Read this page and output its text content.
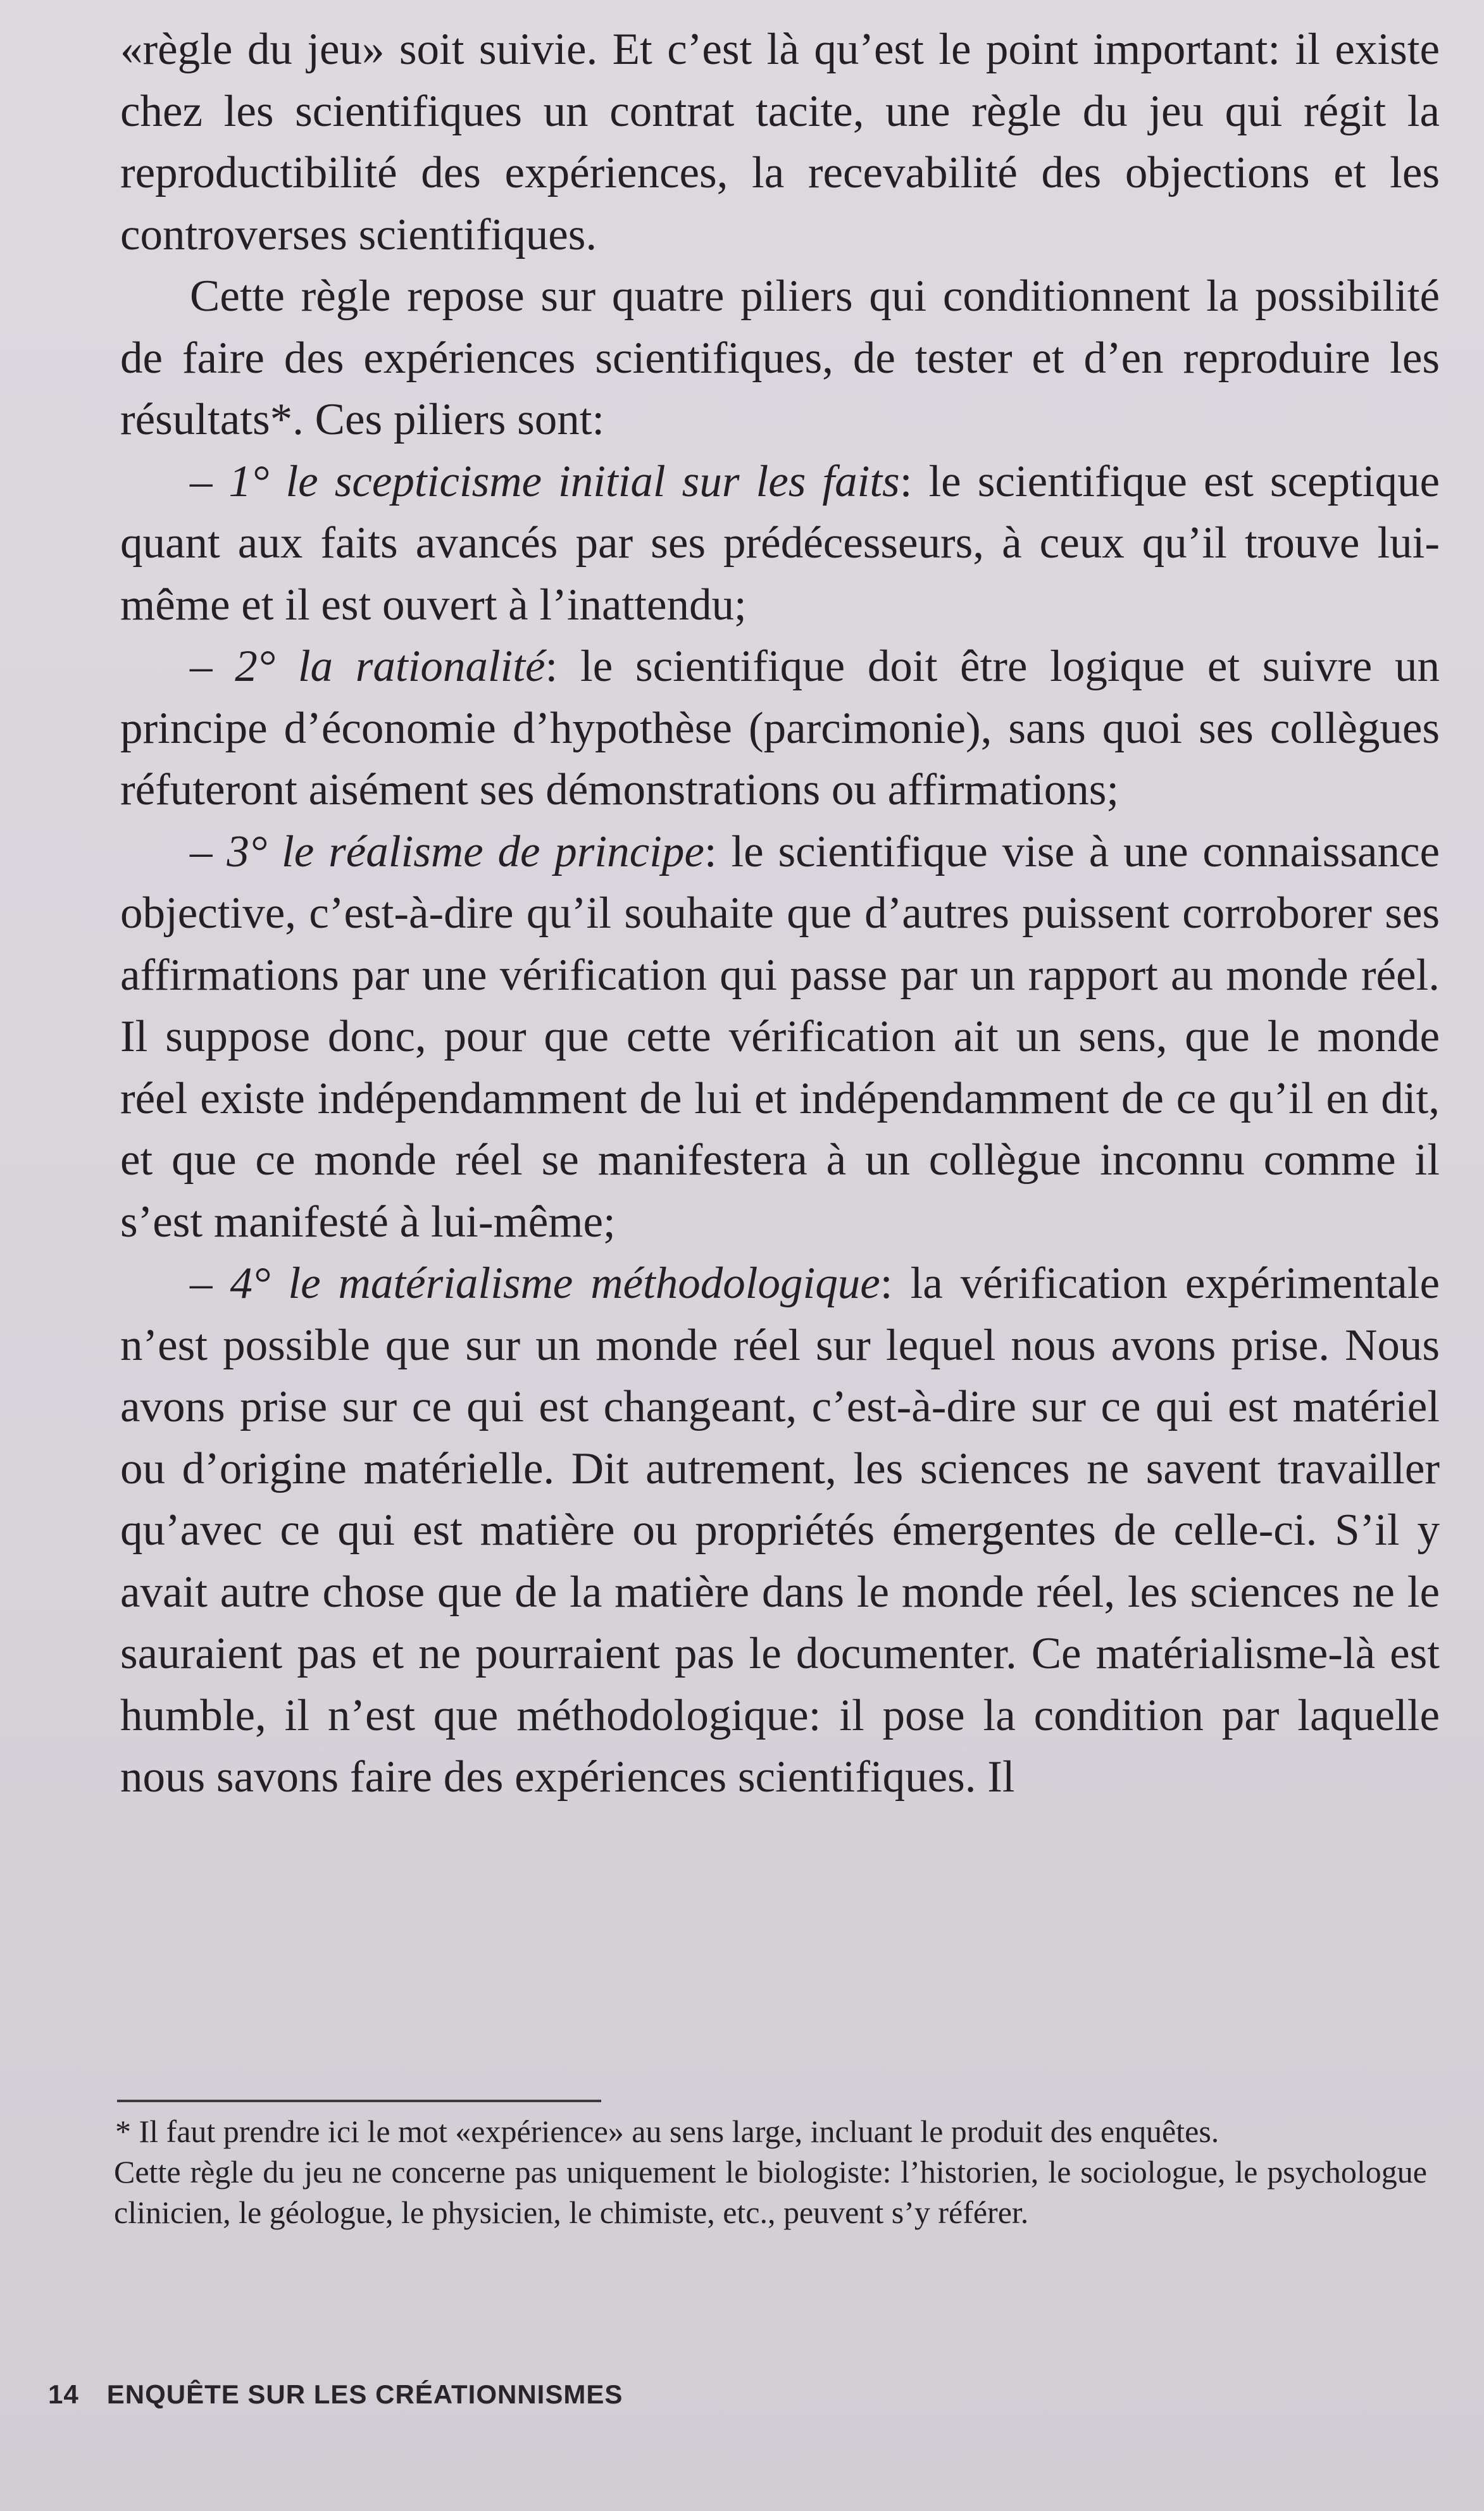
«règle du jeu» soit suivie. Et c’est là qu’est le point important: il existe chez les scientifiques un contrat tacite, une règle du jeu qui régit la reproductibilité des expériences, la recevabilité des objections et les controverses scientifiques.

Cette règle repose sur quatre piliers qui conditionnent la possibilité de faire des expériences scientifiques, de tester et d’en reproduire les résultats*. Ces piliers sont:

– 1° le scepticisme initial sur les faits: le scientifique est sceptique quant aux faits avancés par ses prédécesseurs, à ceux qu’il trouve lui-même et il est ouvert à l’inattendu;

– 2° la rationalité: le scientifique doit être logique et suivre un principe d’économie d’hypothèse (parcimonie), sans quoi ses collègues réfuteront aisément ses démonstrations ou affirmations;

– 3° le réalisme de principe: le scientifique vise à une connaissance objective, c’est-à-dire qu’il souhaite que d’autres puissent corroborer ses affirmations par une vérification qui passe par un rapport au monde réel. Il suppose donc, pour que cette vérification ait un sens, que le monde réel existe indépendamment de lui et indépendamment de ce qu’il en dit, et que ce monde réel se manifestera à un collègue inconnu comme il s’est manifesté à lui-même;

– 4° le matérialisme méthodologique: la vérification expérimentale n’est possible que sur un monde réel sur lequel nous avons prise. Nous avons prise sur ce qui est changeant, c’est-à-dire sur ce qui est matériel ou d’origine matérielle. Dit autrement, les sciences ne savent travailler qu’avec ce qui est matière ou propriétés émergentes de celle-ci. S’il y avait autre chose que de la matière dans le monde réel, les sciences ne le sauraient pas et ne pourraient pas le documenter. Ce matérialisme-là est humble, il n’est que méthodologique: il pose la condition par laquelle nous savons faire des expériences scientifiques. Il

* Il faut prendre ici le mot «expérience» au sens large, incluant le produit des enquêtes.

Cette règle du jeu ne concerne pas uniquement le biologiste: l’historien, le sociologue, le psychologue clinicien, le géologue, le physicien, le chimiste, etc., peuvent s’y référer.

14 ENQUÊTE SUR LES CRÉATIONNISMES
